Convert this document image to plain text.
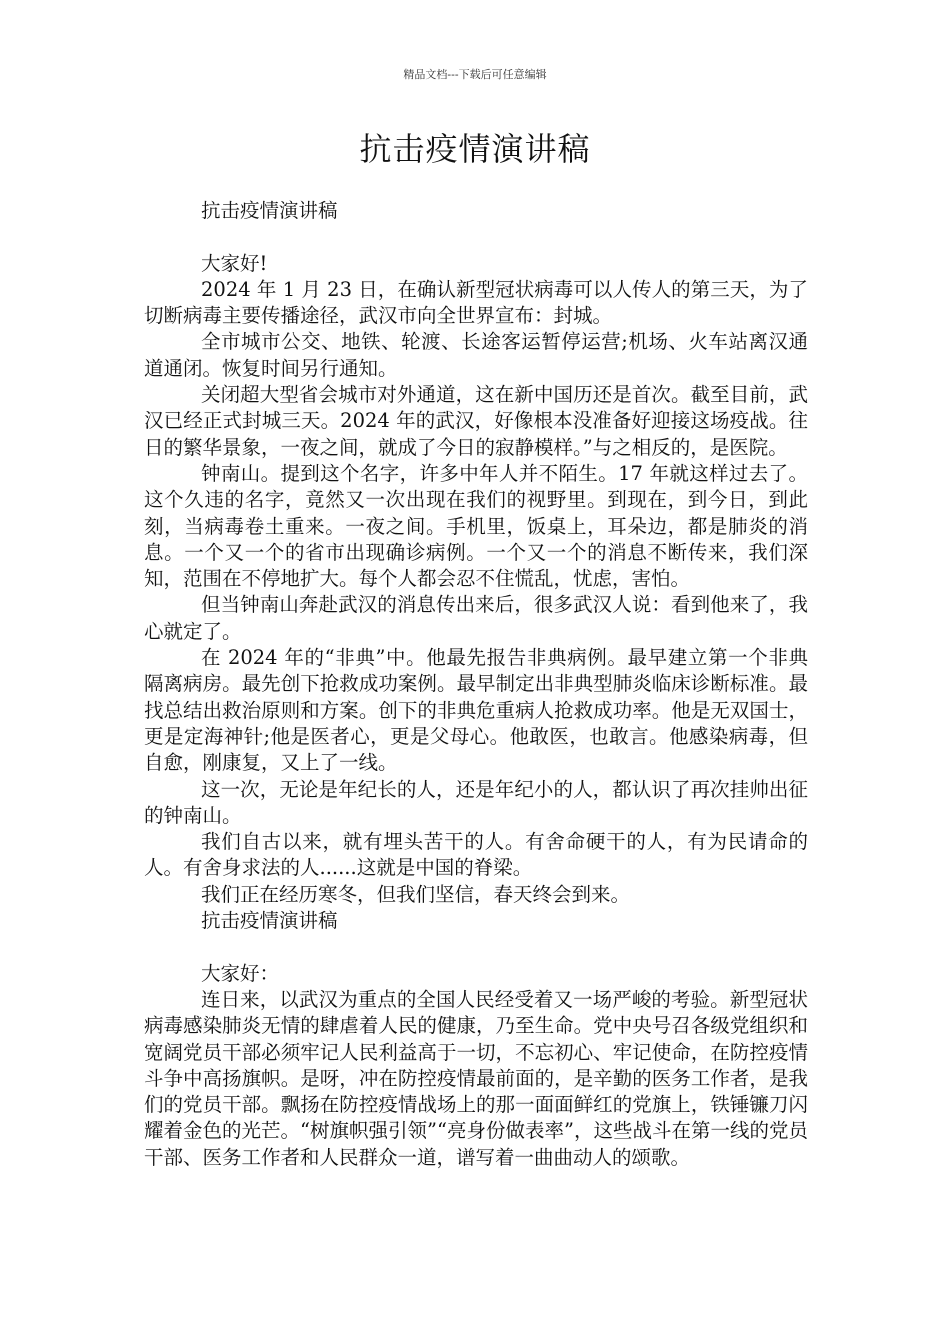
精品文档---下载后可任意编辑
抗击疫情演讲稿

抗击疫情演讲稿

大家好!

2024 年 1 月 23 日，在确认新型冠状病毒可以人传人的第三天，为了切断病毒主要传播途径，武汉市向全世界宣布：封城。

全市城市公交、地铁、轮渡、长途客运暂停运营;机场、火车站离汉通道通闭。恢复时间另行通知。

关闭超大型省会城市对外通道，这在新中国历还是首次。截至目前，武汉已经正式封城三天。2024 年的武汉，好像根本没准备好迎接这场疫战。往日的繁华景象，一夜之间，就成了今日的寂静模样。”与之相反的，是医院。

钟南山。提到这个名字，许多中年人并不陌生。17 年就这样过去了。这个久违的名字，竟然又一次出现在我们的视野里。到现在，到今日，到此刻，当病毒卷土重来。一夜之间。手机里，饭桌上，耳朵边，都是肺炎的消息。一个又一个的省市出现确诊病例。一个又一个的消息不断传来，我们深知，范围在不停地扩大。每个人都会忍不住慌乱，忧虑，害怕。

但当钟南山奔赴武汉的消息传出来后，很多武汉人说：看到他来了，我心就定了。

在 2024 年的“非典”中。他最先报告非典病例。最早建立第一个非典隔离病房。最先创下抢救成功案例。最早制定出非典型肺炎临床诊断标准。最找总结出救治原则和方案。创下的非典危重病人抢救成功率。他是无双国士，更是定海神针;他是医者心，更是父母心。他敢医，也敢言。他感染病毒，但自愈，刚康复，又上了一线。

这一次，无论是年纪长的人，还是年纪小的人，都认识了再次挂帅出征的钟南山。

我们自古以来，就有埋头苦干的人。有舍命硬干的人，有为民请命的人。有舍身求法的人......这就是中国的脊梁。

我们正在经历寒冬，但我们坚信，春天终会到来。

抗击疫情演讲稿

大家好：

连日来，以武汉为重点的全国人民经受着又一场严峻的考验。新型冠状病毒感染肺炎无情的肆虐着人民的健康，乃至生命。党中央号召各级党组织和宽阔党员干部必须牢记人民利益高于一切，不忘初心、牢记使命，在防控疫情斗争中高扬旗帜。是呀，冲在防控疫情最前面的，是辛勤的医务工作者，是我们的党员干部。飘扬在防控疫情战场上的那一面面鲜红的党旗上，铁锤镰刀闪耀着金色的光芒。“树旗帜强引领”“亮身份做表率”，这些战斗在第一线的党员干部、医务工作者和人民群众一道，谱写着一曲曲动人的颂歌。
